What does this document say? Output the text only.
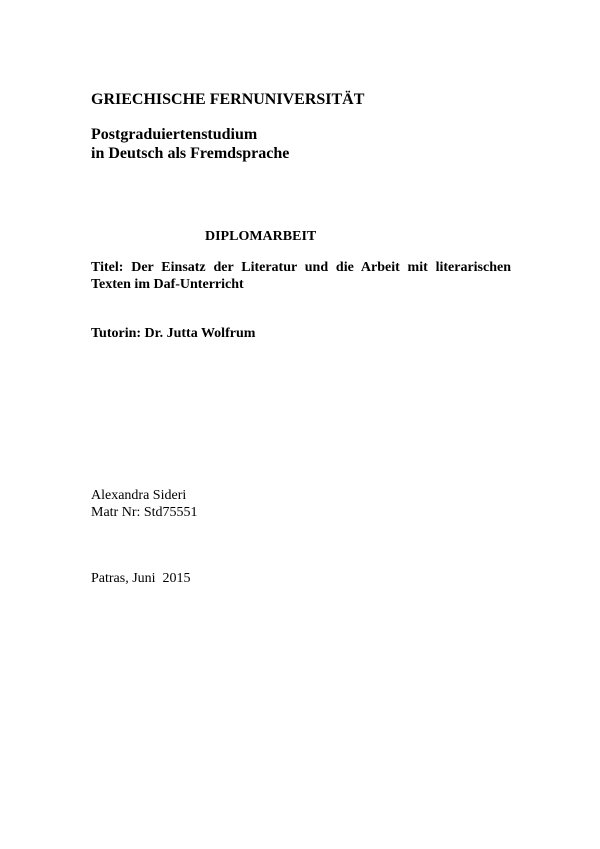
GRIECHISCHE FERNUNIVERSITÄT
Postgraduiertenstudium
in Deutsch als Fremdsprache
DIPLOMARBEIT
Titel: Der Einsatz der Literatur und die Arbeit mit literarischen
Texten im Daf-Unterricht
Tutorin: Dr. Jutta Wolfrum
Alexandra Sideri
Matr Nr: Std75551
Patras, Juni  2015
